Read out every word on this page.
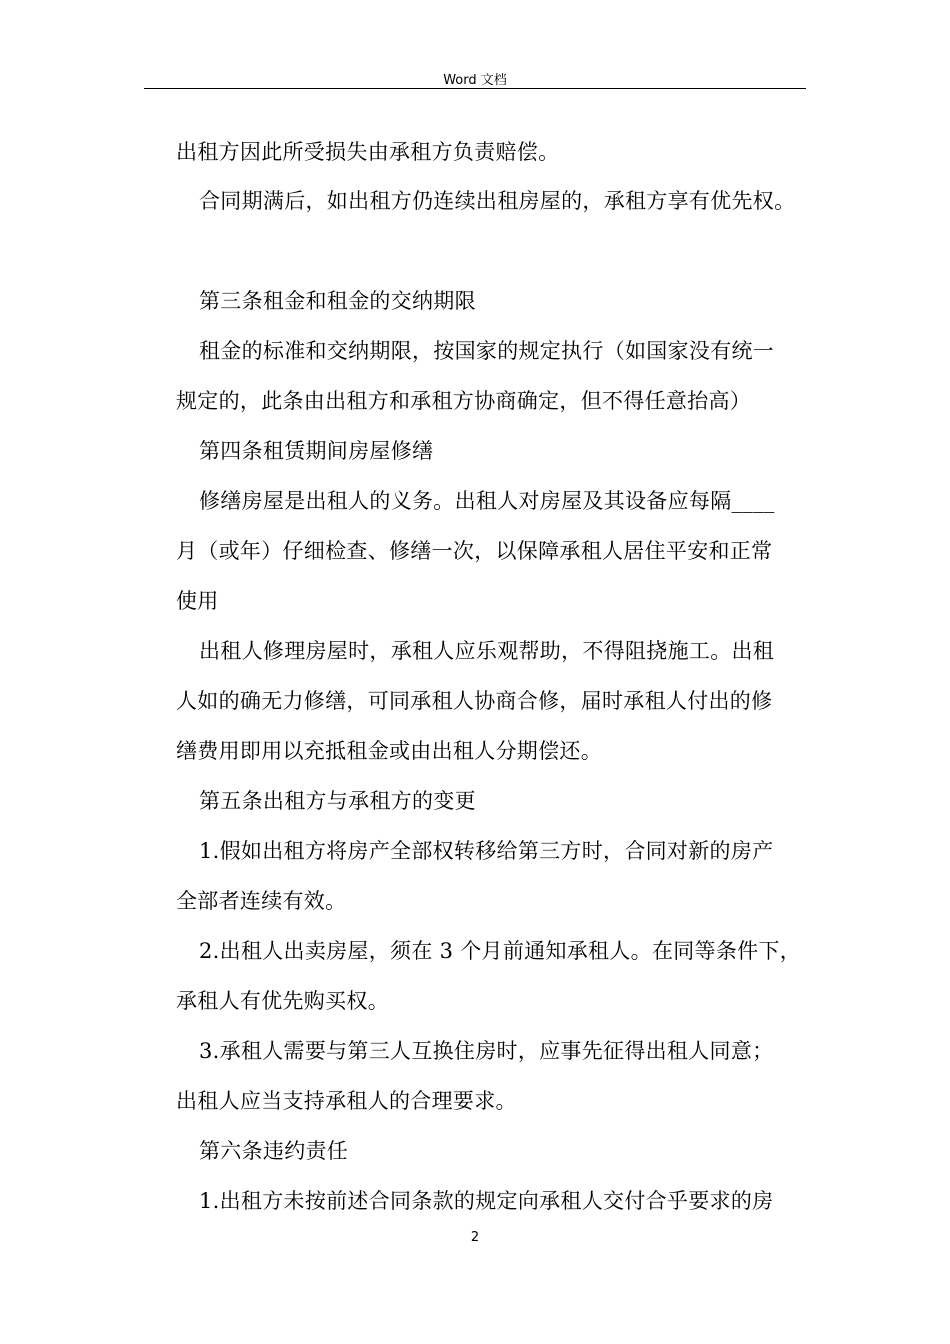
Word 文档
出租方因此所受损失由承租方负责赔偿。
合同期满后，如出租方仍连续出租房屋的，承租方享有优先权。
第三条租金和租金的交纳期限
租金的标准和交纳期限，按国家的规定执行（如国家没有统一
规定的，此条由出租方和承租方协商确定，但不得任意抬高）
第四条租赁期间房屋修缮
修缮房屋是出租人的义务。出租人对房屋及其设备应每隔____
月（或年）仔细检查、修缮一次，以保障承租人居住平安和正常
使用
出租人修理房屋时，承租人应乐观帮助，不得阻挠施工。出租
人如的确无力修缮，可同承租人协商合修，届时承租人付出的修
缮费用即用以充抵租金或由出租人分期偿还。
第五条出租方与承租方的变更
1.假如出租方将房产全部权转移给第三方时，合同对新的房产
全部者连续有效。
2.出租人出卖房屋，须在 3 个月前通知承租人。在同等条件下，
承租人有优先购买权。
3.承租人需要与第三人互换住房时，应事先征得出租人同意；
出租人应当支持承租人的合理要求。
第六条违约责任
1.出租方未按前述合同条款的规定向承租人交付合乎要求的房
2
